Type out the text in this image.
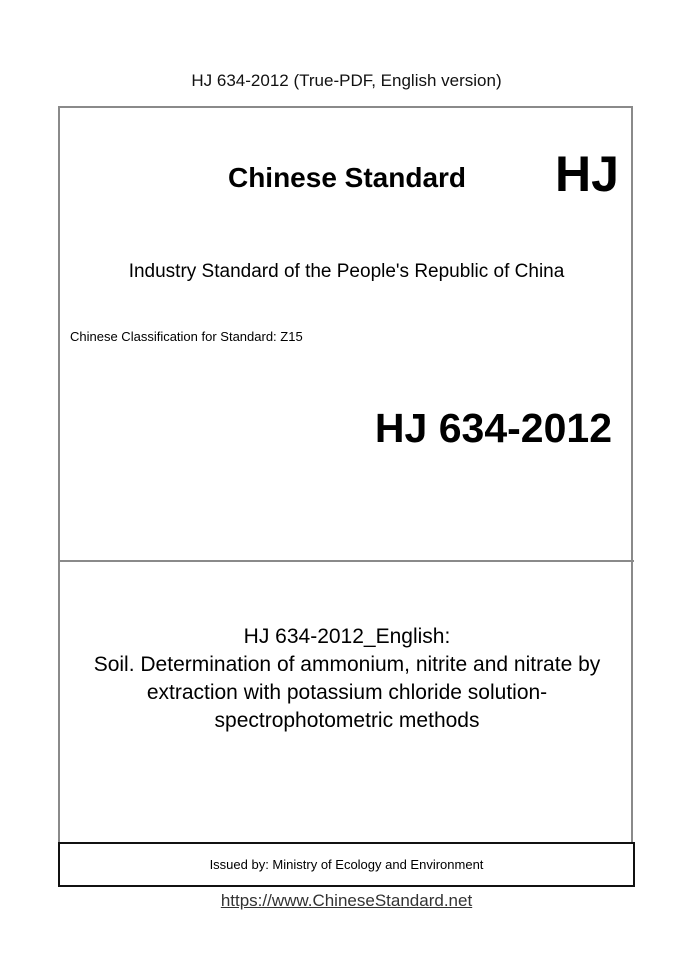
HJ 634-2012 (True-PDF, English version)
Chinese Standard	HJ
Industry Standard of the People's Republic of China
Chinese Classification for Standard: Z15
HJ 634-2012
HJ 634-2012_English:
Soil. Determination of ammonium, nitrite and nitrate by
extraction with potassium chloride solution-
spectrophotometric methods
Issued by: Ministry of Ecology and Environment
https://www.ChineseStandard.net
